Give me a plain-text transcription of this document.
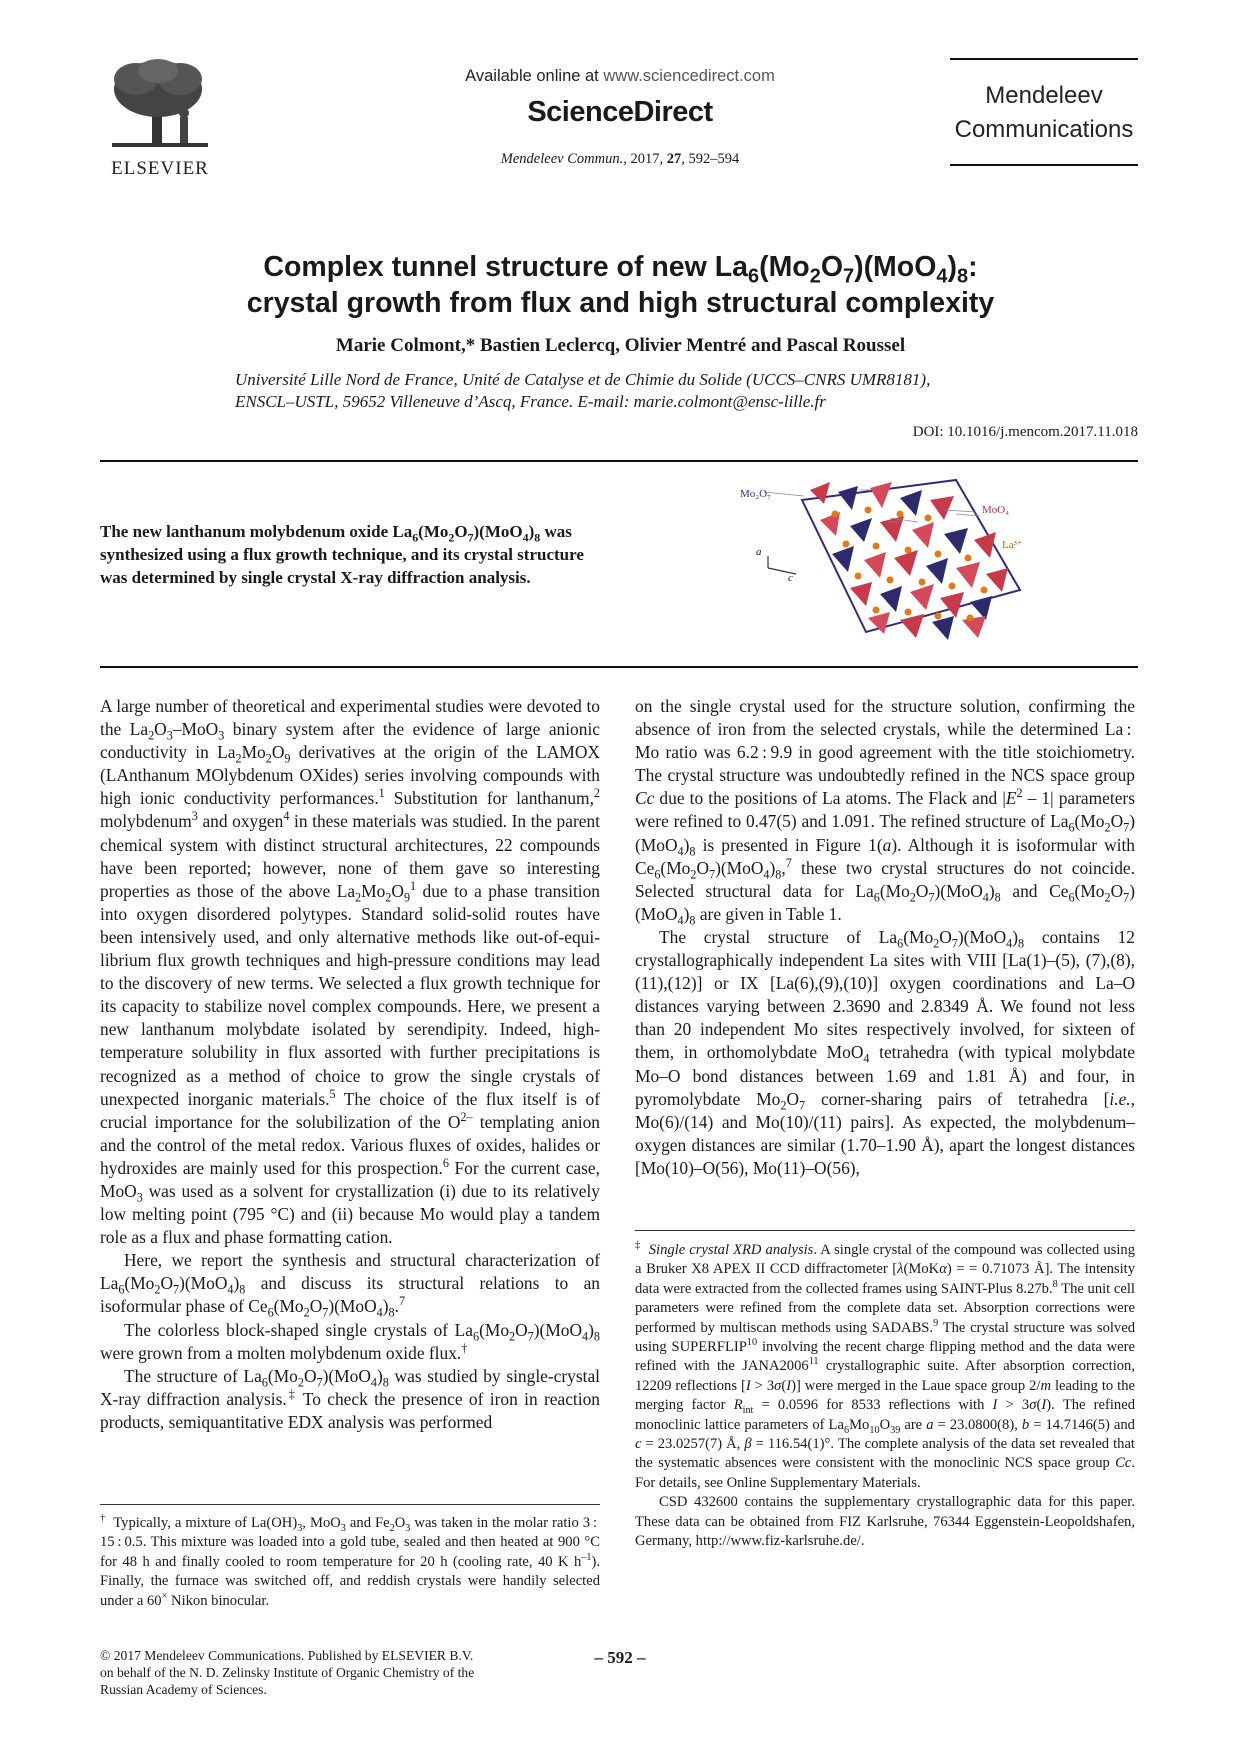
ELSEVIER
Available online at www.sciencedirect.com
ScienceDirect
Mendeleev Commun., 2017, 27, 592–594
Mendeleev
Communications
Complex tunnel structure of new $La_6(Mo_2O_7)(MoO_4)_8$:
crystal growth from flux and high structural complexity
Marie Colmont,* Bastien Leclercq, Olivier Mentré and Pascal Roussel
Université Lille Nord de France, Unité de Catalyse et de Chimie du Solide (UCCS–CNRS UMR8181),
ENSCL–USTL, 59652 Villeneuve d’Ascq, France. E-mail: marie.colmont@ensc-lille.fr
DOI: 10.1016/j.mencom.2017.11.018
The new lanthanum molybdenum oxide $La_6(Mo_2O_7)(MoO_4)_8$ was synthesized using a flux growth technique, and its crystal structure was determined by single crystal X-ray diffraction analysis.
Mo₂O₇
MoO₄
La³⁺
a
c

A large number of theoretical and experimental studies were devoted to the $La_2O_3-MoO_3$ binary system after the evidence of large anionic conductivity in $La_2Mo_2O_9$ derivatives at the origin of the LAMOX (LAnthanum MOlybdenum OXides) series involving compounds with high ionic conductivity performances.$^1$ Substitution for lanthanum,$^2$ molybdenum$^3$ and oxygen$^4$ in these materials was studied. In the parent chemical system with distinct structural architectures, 22 compounds have been reported; however, none of them gave so interesting properties as those of the above $La_2Mo_2O_9^1$ due to a phase transition into oxygen disordered polytypes. Standard solid-solid routes have been intensively used, and only alternative methods like out-of-equilibrium flux growth techniques and high-pressure conditions may lead to the discovery of new terms. We selected a flux growth technique for its capacity to stabilize novel complex compounds. Here, we present a new lanthanum molybdate isolated by serendipity. Indeed, high-temperature solubility in flux assorted with further precipitations is recognized as a method of choice to grow the single crystals of unexpected inorganic materials.$^5$ The choice of the flux itself is of crucial importance for the solubilization of the $O^{2-}$ templating anion and the control of the metal redox. Various fluxes of oxides, halides or hydroxides are mainly used for this prospection.$^6$ For the current case, MoO$_3$ was used as a solvent for crystallization (i) due to its relatively low melting point (795 °C) and (ii) because Mo would play a tandem role as a flux and phase formatting cation.

Here, we report the synthesis and structural characterization of $La_6(Mo_2O_7)(MoO_4)_8$ and discuss its structural relations to an isoformular phase of $Ce_6(Mo_2O_7)(MoO_4)_8.^7$

The colorless block-shaped single crystals of $La_6(Mo_2O_7)(MoO_4)_8$ were grown from a molten molybdenum oxide flux.†

The structure of $La_6(Mo_2O_7)(MoO_4)_8$ was studied by single-crystal X-ray diffraction analysis.‡ To check the presence of iron in reaction products, semiquantitative EDX analysis was performed

†  Typically, a mixture of $La(OH)_3$, MoO$_3$ and $Fe_2O_3$ was taken in the molar ratio 3 : 15 : 0.5. This mixture was loaded into a gold tube, sealed and then heated at 900 °C for 48 h and finally cooled to room temperature for 20 h (cooling rate, 40 K $h^{-1}$). Finally, the furnace was switched off, and reddish crystals were handily selected under a 60× Nikon binocular.

on the single crystal used for the structure solution, confirming the absence of iron from the selected crystals, while the determined La : Mo ratio was 6.2 : 9.9 in good agreement with the title stoichiometry. The crystal structure was undoubtedly refined in the NCS space group Cc due to the positions of La atoms. The Flack and $|E^2 - 1|$ parameters were refined to 0.47(5) and 1.091. The refined structure of $La_6(Mo_2O_7)(MoO_4)_8$ is presented in Figure 1(a). Although it is isoformular with $Ce_6(Mo_2O_7)(MoO_4)_8,^7$ these two crystal structures do not coincide. Selected structural data for $La_6(Mo_2O_7)(MoO_4)_8$ and $Ce_6(Mo_2O_7)(MoO_4)_8$ are given in Table 1.

The crystal structure of $La_6(Mo_2O_7)(MoO_4)_8$ contains 12 crystallographically independent La sites with VIII [La(1)–(5), (7),(8),(11),(12)] or IX [La(6),(9),(10)] oxygen coordinations and La–O distances varying between 2.3690 and 2.8349 Å. We found not less than 20 independent Mo sites respectively involved, for sixteen of them, in orthomolybdate MoO$_4$ tetrahedra (with typical molybdate Mo–O bond distances between 1.69 and 1.81 Å) and four, in pyromolybdate $Mo_2O_7$ corner-sharing pairs of tetrahedra [i.e., Mo(6)/(14) and Mo(10)/(11) pairs]. As expected, the molybdenum–oxygen distances are similar (1.70–1.90 Å), apart the longest distances [Mo(10)–O(56), Mo(11)–O(56),

‡ Single crystal XRD analysis. A single crystal of the compound was collected using a Bruker X8 APEX II CCD diffractometer [λ(MoKα) = = 0.71073 Å]. The intensity data were extracted from the collected frames using SAINT-Plus 8.27b.$^8$ The unit cell parameters were refined from the complete data set. Absorption corrections were performed by multiscan methods using SADABS.$^9$ The crystal structure was solved using SUPERFLIP$^{10}$ involving the recent charge flipping method and the data were refined with the JANA2006$^{11}$ crystallographic suite. After absorption correction, 12209 reflections [I > 3σ(I)] were merged in the Laue space group 2/m leading to the merging factor $R_{int} = 0.0596$ for 8533 reflections with I > 3σ(I). The refined monoclinic lattice parameters of $La_6Mo_{10}O_{39}$ are a = 23.0800(8), b = 14.7146(5) and c = 23.0257(7) Å, β = 116.54(1)°. The complete analysis of the data set revealed that the systematic absences were consistent with the monoclinic NCS space group Cc. For details, see Online Supplementary Materials.

CSD 432600 contains the supplementary crystallographic data for this paper. These data can be obtained from FIZ Karlsruhe, 76344 Eggenstein-Leopoldshafen, Germany, http://www.fiz-karlsruhe.de/.

© 2017 Mendeleev Communications. Published by ELSEVIER B.V.
on behalf of the N. D. Zelinsky Institute of Organic Chemistry of the
Russian Academy of Sciences.
– 592 –
